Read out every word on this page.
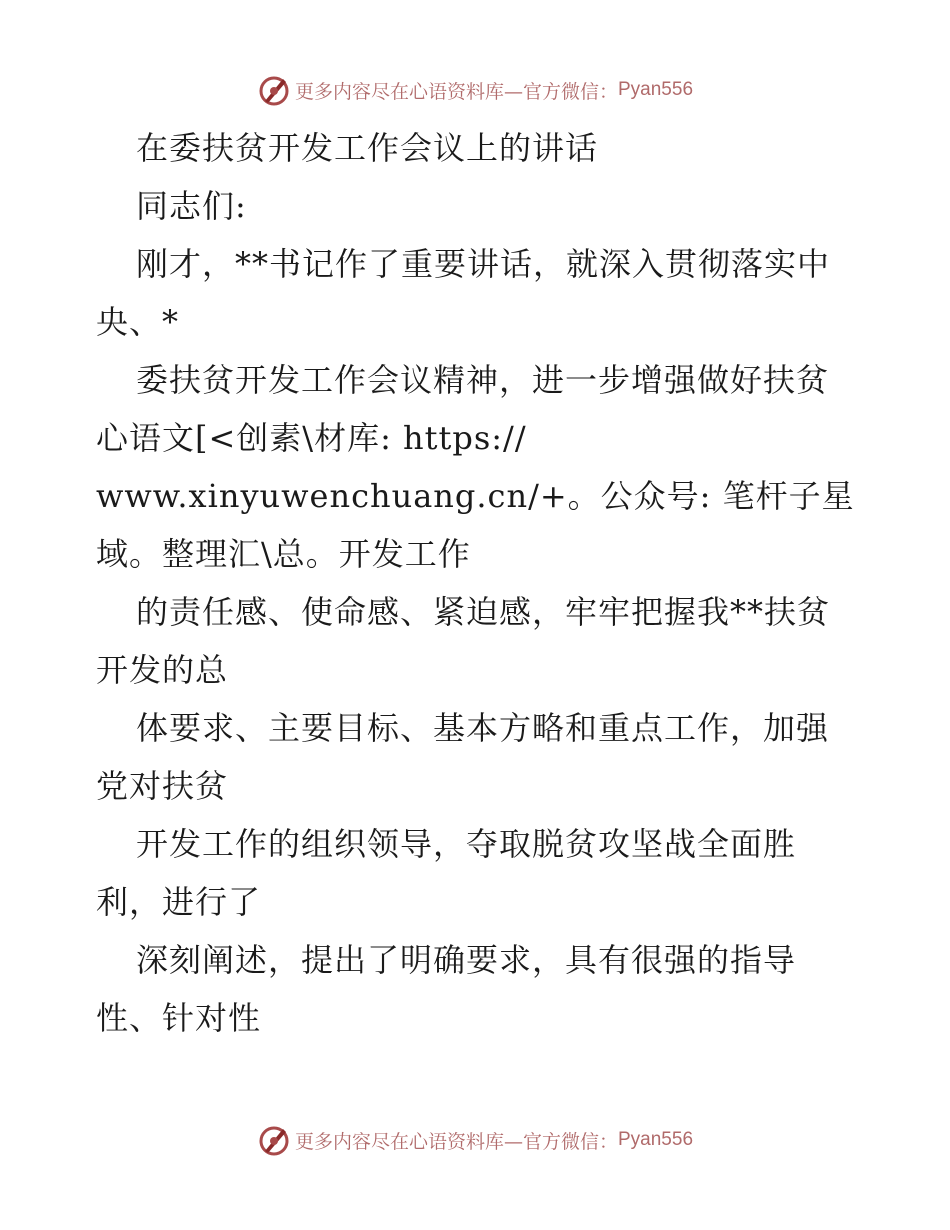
更多内容尽在心语资料库—官方微信： Pyan556
在委扶贫开发工作会议上的讲话
同志们:
刚才，**书记作了重要讲话，就深入贯彻落实中
央、*
委扶贫开发工作会议精神，进一步增强做好扶贫
心语文[<创素\材库: https://
www.xinyuwenchuang.cn/+。公众号: 笔杆子星
域。整理汇\总。开发工作
的责任感、使命感、紧迫感，牢牢把握我**扶贫
开发的总
体要求、主要目标、基本方略和重点工作，加强
党对扶贫
开发工作的组织领导，夺取脱贫攻坚战全面胜
利，进行了
深刻阐述，提出了明确要求，具有很强的指导
性、针对性
更多内容尽在心语资料库—官方微信： Pyan556
